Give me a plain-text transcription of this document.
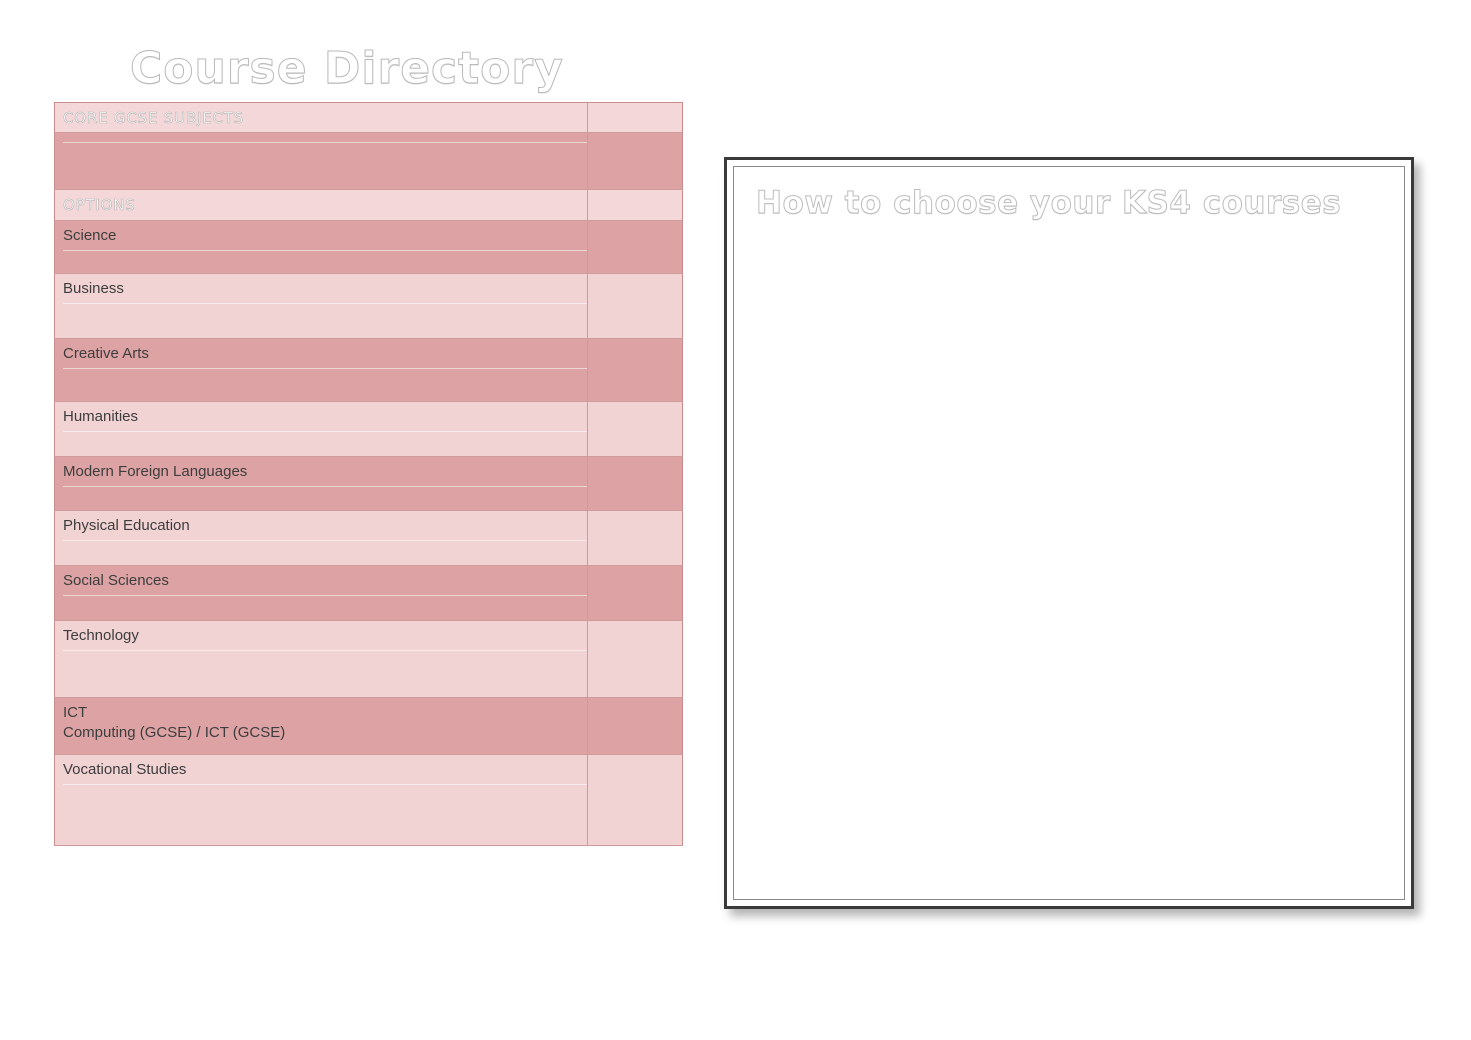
Course Directory
CORE GCSE SUBJECTS	

OPTIONS	
Science

Business

Creative Arts

Humanities

Modern Foreign Languages

Physical Education

Social Sciences

Technology

ICT
Computing (GCSE) / ICT (GCSE)	

Vocational Studies

How to choose your KS4 courses
